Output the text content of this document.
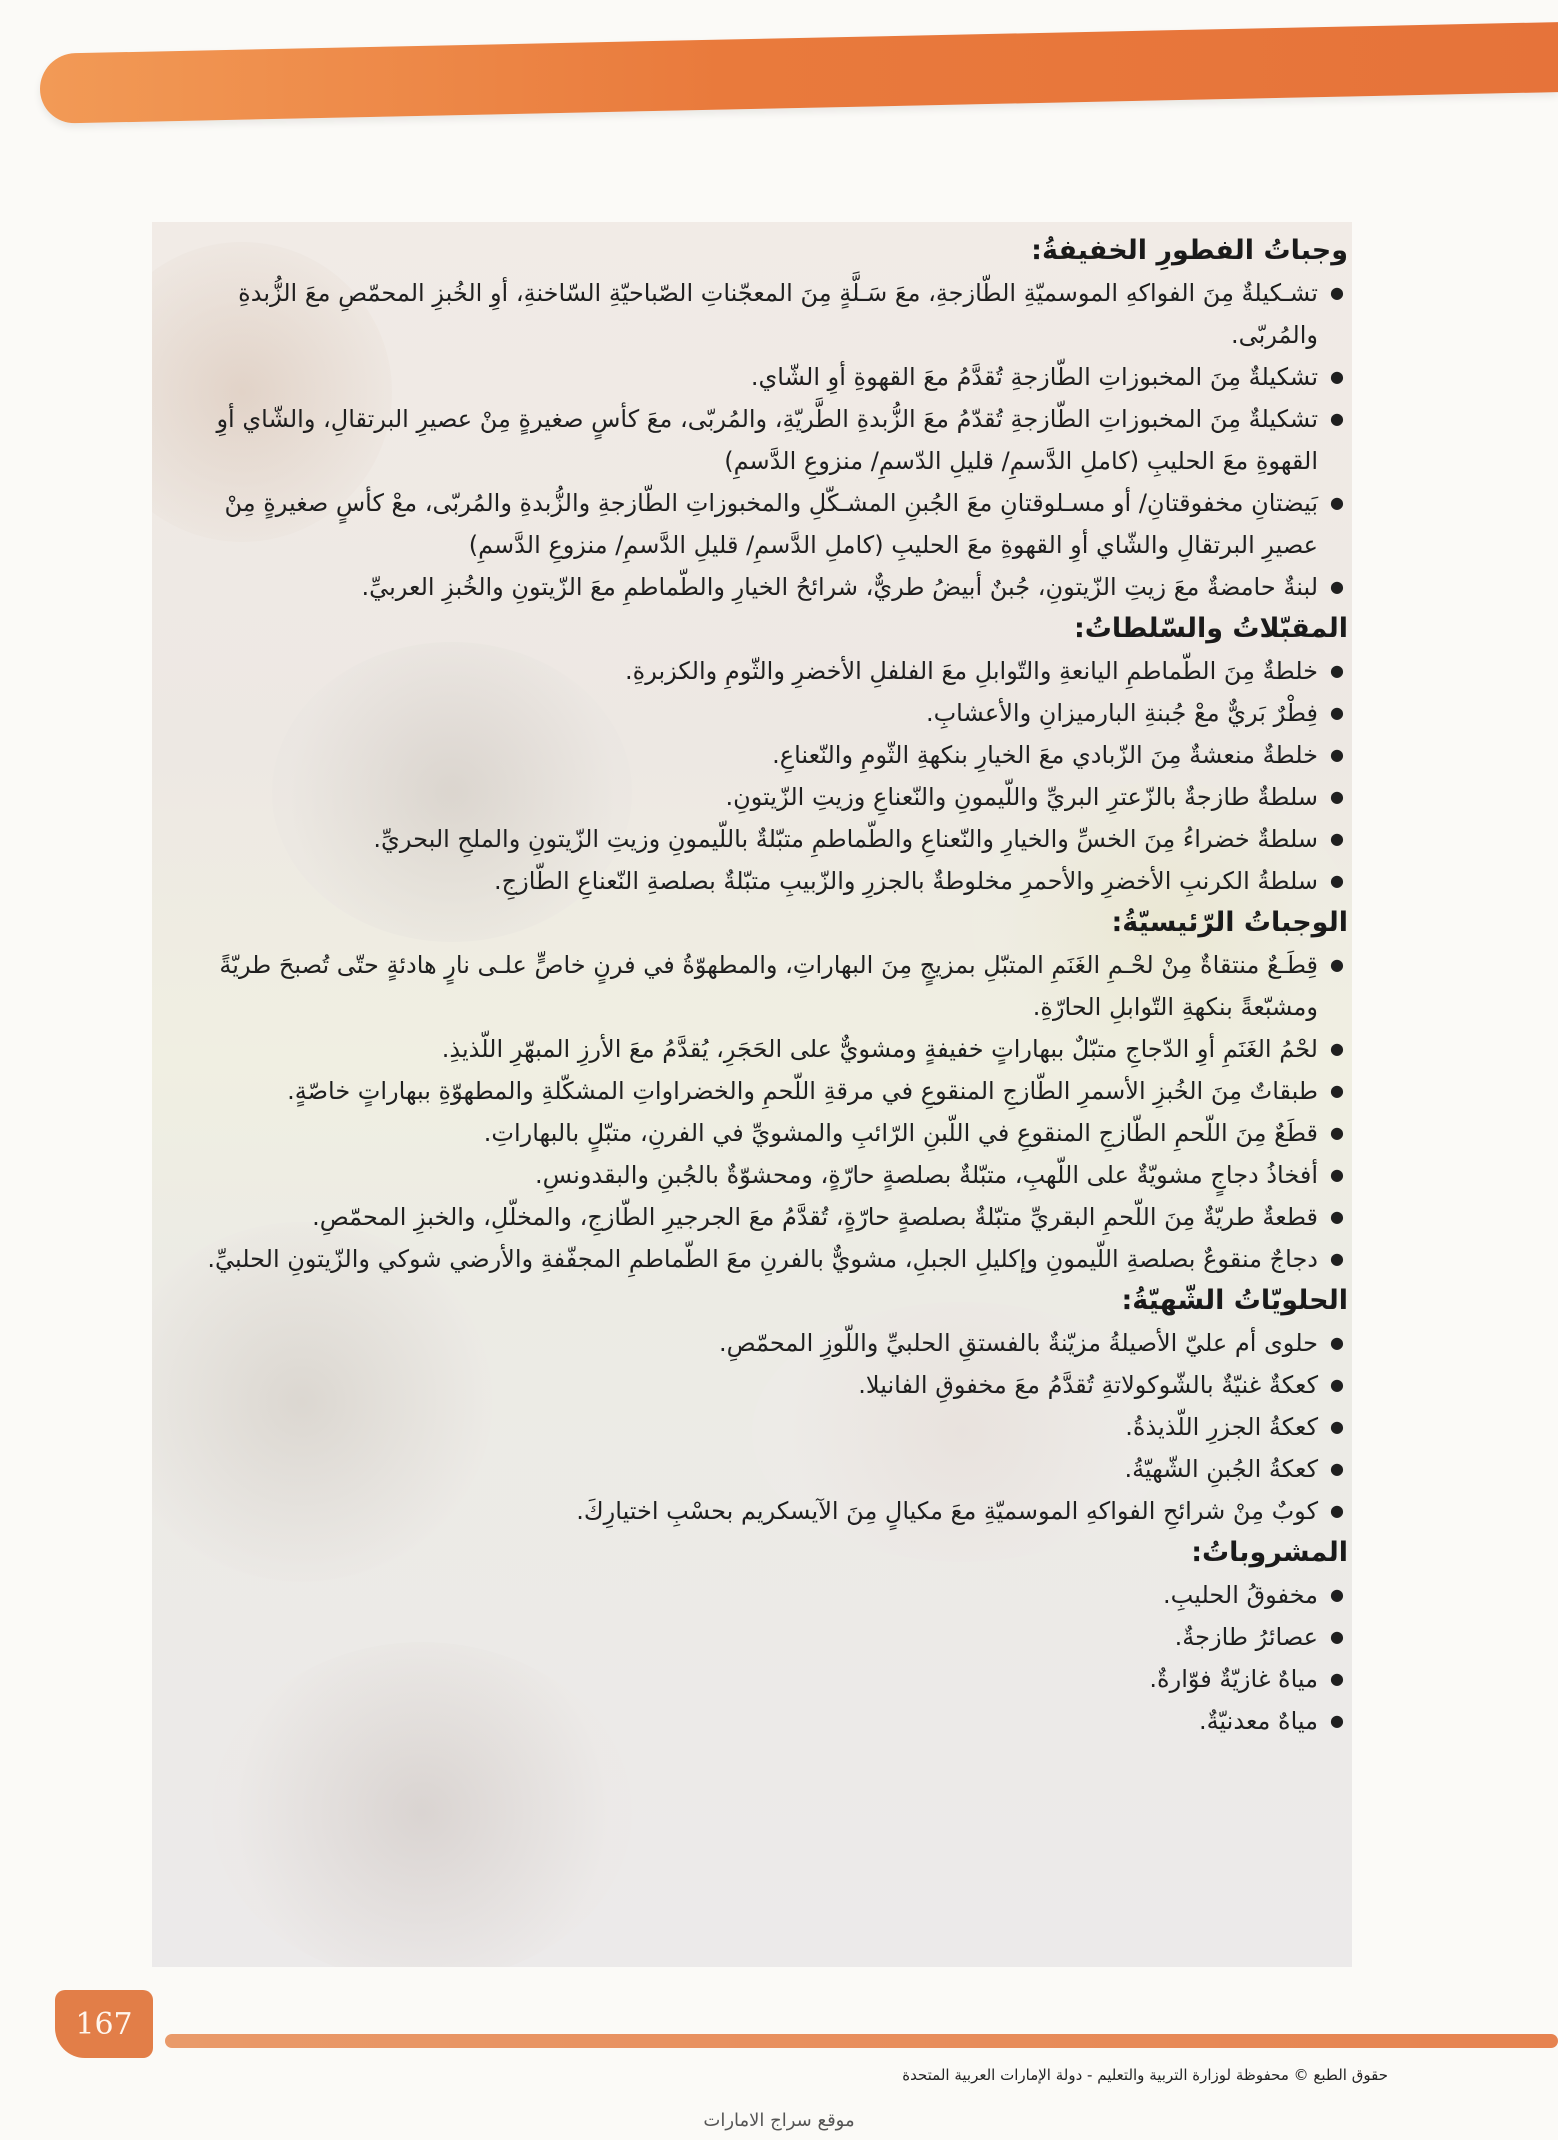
وجباتُ الفطورِ الخفيفةُ:
● تشـكيلةٌ مِنَ الفواكهِ الموسميّةِ الطّازجةِ، معَ سَـلَّةٍ مِنَ المعجّناتِ الصّباحيّةِ السّاخنةِ، أوِ الخُبزِ المحمّصِ معَ الزُّبدةِ والمُربّى.
● تشكيلةٌ مِنَ المخبوزاتِ الطّازجةِ تُقدَّمُ معَ القهوةِ أوِ الشّاي.
● تشكيلةٌ مِنَ المخبوزاتِ الطّازجةِ تُقدّمُ معَ الزُّبدةِ الطَّريّةِ، والمُربّى، معَ كأسٍ صغيرةٍ مِنْ عصيرِ البرتقالِ، والشّاي أوِ القهوةِ معَ الحليبِ (كاملِ الدَّسمِ/ قليلِ الدّسمِ/ منزوعِ الدَّسمِ)
● بَيضتانِ مخفوقتانِ/ أو مسـلوقتانِ معَ الجُبنِ المشـكّلِ والمخبوزاتِ الطّازجةِ والزُّبدةِ والمُربّى، معْ كأسٍ صغيرةٍ مِنْ عصيرِ البرتقالِ والشّاي أوِ القهوةِ معَ الحليبِ (كاملِ الدَّسمِ/ قليلِ الدَّسمِ/ منزوعِ الدَّسمِ)
● لبنةٌ حامضةٌ معَ زيتِ الزّيتونِ، جُبنٌ أبيضُ طريٌّ، شرائحُ الخيارِ والطّماطمِ معَ الزّيتونِ والخُبزِ العربيِّ.
المقبّلاتُ والسّلطاتُ:
● خلطةٌ مِنَ الطّماطمِ اليانعةِ والتّوابلِ معَ الفلفلِ الأخضرِ والثّومِ والكزبرةِ.
● فِطْرٌ بَريٌّ معْ جُبنةِ البارميزانِ والأعشابِ.
● خلطةٌ منعشةٌ مِنَ الزّبادي معَ الخيارِ بنكهةِ الثّومِ والنّعناعِ.
● سلطةٌ طازجةٌ بالزّعترِ البريِّ واللّيمونِ والنّعناعِ وزيتِ الزّيتونِ.
● سلطةٌ خضراءُ مِنَ الخسِّ والخيارِ والنّعناعِ والطّماطمِ متبّلةٌ باللّيمونِ وزيتِ الزّيتونِ والملحِ البحريِّ.
● سلطةُ الكرنبِ الأخضرِ والأحمرِ مخلوطةٌ بالجزرِ والزّبيبِ متبّلةٌ بصلصةِ النّعناعِ الطّازجِ.
الوجباتُ الرّئيسيّةُ:
● قِطَـعٌ منتقاةٌ مِنْ لحْـمِ الغَنَمِ المتبّلِ بمزيجٍ مِنَ البهاراتِ، والمطهوّةُ في فرنٍ خاصٍّ علـى نارٍ هادئةٍ حتّى تُصبحَ طريّةً ومشبّعةً بنكهةِ التّوابلِ الحارّةِ.
● لحْمُ الغَنَمِ أوِ الدّجاجِ متبّلٌ ببهاراتٍ خفيفةٍ ومشويٌّ على الحَجَرِ، يُقدَّمُ معَ الأرزِ المبهّرِ اللّذيذِ.
● طبقاتٌ مِنَ الخُبزِ الأسمرِ الطّازجِ المنقوعِ في مرقةِ اللّحمِ والخضراواتِ المشكّلةِ والمطهوّةِ ببهاراتٍ خاصّةٍ.
● قطَعٌ مِنَ اللّحمِ الطّازجِ المنقوعِ في اللّبنِ الرّائبِ والمشويِّ في الفرنِ، متبّلٍ بالبهاراتِ.
● أفخاذُ دجاجٍ مشويّةٌ على اللّهبِ، متبّلةٌ بصلصةٍ حارّةٍ، ومحشوّةٌ بالجُبنِ والبقدونسِ.
● قطعةٌ طريّةٌ مِنَ اللّحمِ البقريِّ متبّلةٌ بصلصةٍ حارّةٍ، تُقدَّمُ معَ الجرجيرِ الطّازجِ، والمخلّلِ، والخبزِ المحمّصِ.
● دجاجٌ منقوعٌ بصلصةِ اللّيمونِ وإكليلِ الجبلِ، مشويٌّ بالفرنِ معَ الطّماطمِ المجفّفةِ والأرضي شوكي والزّيتونِ الحلبيِّ.
الحلويّاتُ الشّهيّةُ:
● حلوى أم عليّ الأصيلةُ مزيّنةٌ بالفستقِ الحلبيِّ واللّوزِ المحمّصِ.
● كعكةٌ غنيّةٌ بالشّوكولاتةِ تُقدَّمُ معَ مخفوقِ الفانيلا.
● كعكةُ الجزرِ اللّذيذةُ.
● كعكةُ الجُبنِ الشّهيّةُ.
● كوبٌ مِنْ شرائحِ الفواكهِ الموسميّةِ معَ مكيالٍ مِنَ الآيسكريم بحسْبِ اختيارِكَ.
المشروباتُ:
● مخفوقُ الحليبِ.
● عصائرُ طازجةٌ.
● مياهٌ غازيّةٌ فوّارةٌ.
● مياهٌ معدنيّةٌ.
167
حقوق الطبع © محفوظة لوزارة التربية والتعليم - دولة الإمارات العربية المتحدة
موقع سراج الامارات
